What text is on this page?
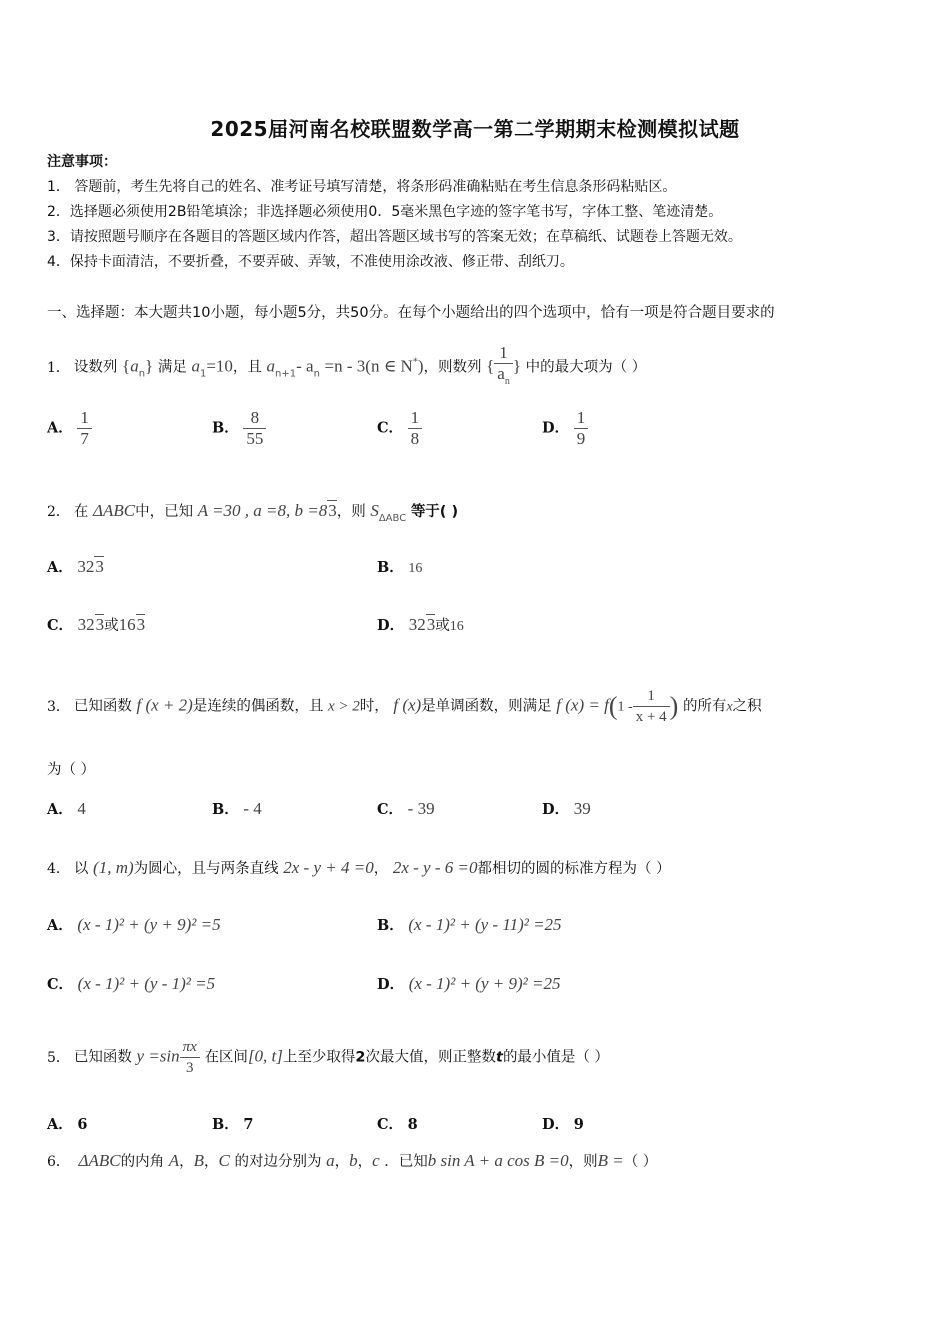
2025届河南名校联盟数学高一第二学期期末检测模拟试题
注意事项：
1． 答题前，考生先将自己的姓名、准考证号填写清楚，将条形码准确粘贴在考生信息条形码粘贴区。
2．选择题必须使用2B铅笔填涂；非选择题必须使用0．5毫米黑色字迹的签字笔书写，字体工整、笔迹清楚。
3．请按照题号顺序在各题目的答题区域内作答，超出答题区域书写的答案无效；在草稿纸、试题卷上答题无效。
4．保持卡面清洁，不要折叠，不要弄破、弄皱，不准使用涂改液、修正带、刮纸刀。
一、选择题：本大题共10小题，每小题5分，共50分。在每个小题给出的四个选项中，恰有一项是符合题目要求的
1． 设数列 $\{a_n\}$ 满足 $a_1=10$，且 $a_{n+1}-$ $a_n =n - 3(n$ ∈ N*)，则数列 { $\frac{1}{a_n}$ } 中的最大项为（ ）
A． $\frac{1}{7}$	B． $\frac{8}{55}$	C． $\frac{1}{8}$	D． $\frac{1}{9}$
2． 在 ΔABC中，已知 A =30 , a =8, b =83，则 $S_{\Delta ABC}$ 等于( )
A． 323	B． 16
C． 323或163	D． 323或16
3． 已知函数 f (x + 2)是连续的偶函数，且 x > 2时， f (x)是单调函数，则满足 f $(x) = f(1 - \frac{1}{x + 4}$ ) 的所有x之积
为（ ）
A． 4	B． - 4	C． - 39	D． 39
4． 以 (1, m)为圆心，且与两条直线 2x - y + 4 =0， 2x - y - 6 =0都相切的圆的标准方程为（ ）
A． (x - 1)² + (y + 9)² =5	B． (x - 1)² + (y - 11)² =25
C． (x - 1)² + (y - 1)² =5	D． (x - 1)² + (y + 9)² =25
5． 已知函数 $y =\sin \frac{\pi x}{3}$ 在区间[0, t]上至少取得2次最大值，则正整数t的最小值是（ ）
A． 6	B． 7	C． 8	D． 9
6． ΔABC的内角 A，B，C 的对边分别为 a，b，c ．已知b sin A + a cos B =0，则B =（ ）
